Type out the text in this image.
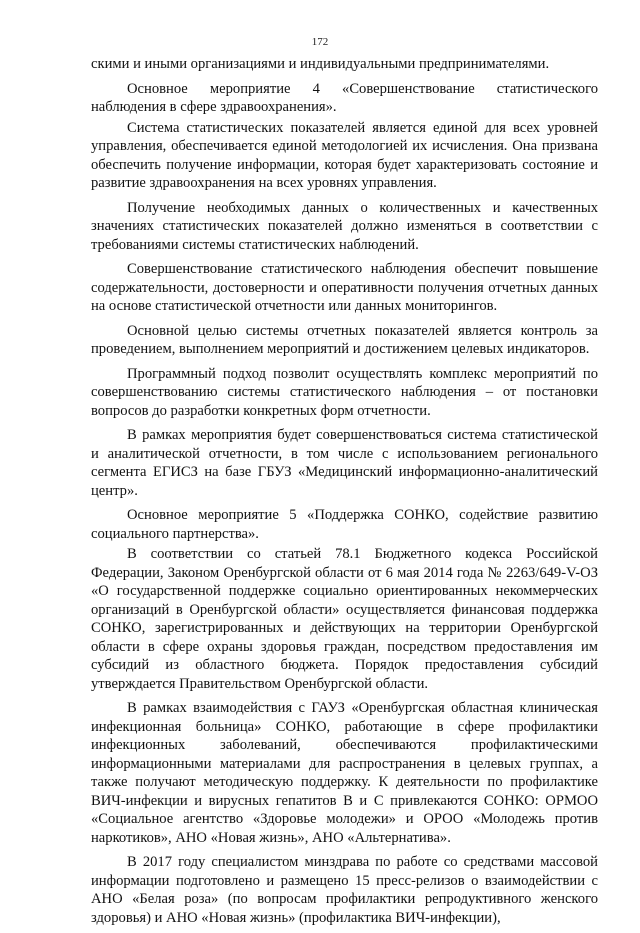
172

скими и иными организациями и индивидуальными предпринимателями.

Основное мероприятие 4 «Совершенствование статистического наблюдения в сфере здравоохранения».

Система статистических показателей является единой для всех уровней управления, обеспечивается единой методологией их исчисления. Она призвана обеспечить получение информации, которая будет характеризовать состояние и развитие здравоохранения на всех уровнях управления.

Получение необходимых данных о количественных и качественных значениях статистических показателей должно изменяться в соответствии с требованиями системы статистических наблюдений.

Совершенствование статистического наблюдения обеспечит повышение содержательности, достоверности и оперативности получения отчетных данных на основе статистической отчетности или данных мониторингов.

Основной целью системы отчетных показателей является контроль за проведением, выполнением мероприятий и достижением целевых индикаторов.

Программный подход позволит осуществлять комплекс мероприятий по совершенствованию системы статистического наблюдения – от постановки вопросов до разработки конкретных форм отчетности.

В рамках мероприятия будет совершенствоваться система статистической и аналитической отчетности, в том числе с использованием регионального сегмента ЕГИСЗ на базе ГБУЗ «Медицинский информационно-аналитический центр».

Основное мероприятие 5 «Поддержка СОНКО, содействие развитию социального партнерства».

В соответствии со статьей 78.1 Бюджетного кодекса Российской Федерации, Законом Оренбургской области от 6 мая 2014 года № 2263/649-V-ОЗ «О государственной поддержке социально ориентированных некоммерческих организаций в Оренбургской области» осуществляется финансовая поддержка СОНКО, зарегистрированных и действующих на территории Оренбургской области в сфере охраны здоровья граждан, посредством предоставления им субсидий из областного бюджета. Порядок предоставления субсидий утверждается Правительством Оренбургской области.

В рамках взаимодействия с ГАУЗ «Оренбургская областная клиническая инфекционная больница» СОНКО, работающие в сфере профилактики инфекционных заболеваний, обеспечиваются профилактическими информационными материалами для распространения в целевых группах, а также получают методическую поддержку. К деятельности по профилактике ВИЧ-инфекции и вирусных гепатитов В и С привлекаются СОНКО: ОРМОО «Социальное агентство «Здоровье молодежи» и ОРОО «Молодежь против наркотиков», АНО «Новая жизнь», АНО «Альтернатива».

В 2017 году специалистом минздрава по работе со средствами массовой информации подготовлено и размещено 15 пресс-релизов о взаимодействии с АНО «Белая роза» (по вопросам профилактики репродуктивного женского здоровья) и АНО «Новая жизнь» (профилактика ВИЧ-инфекции),
